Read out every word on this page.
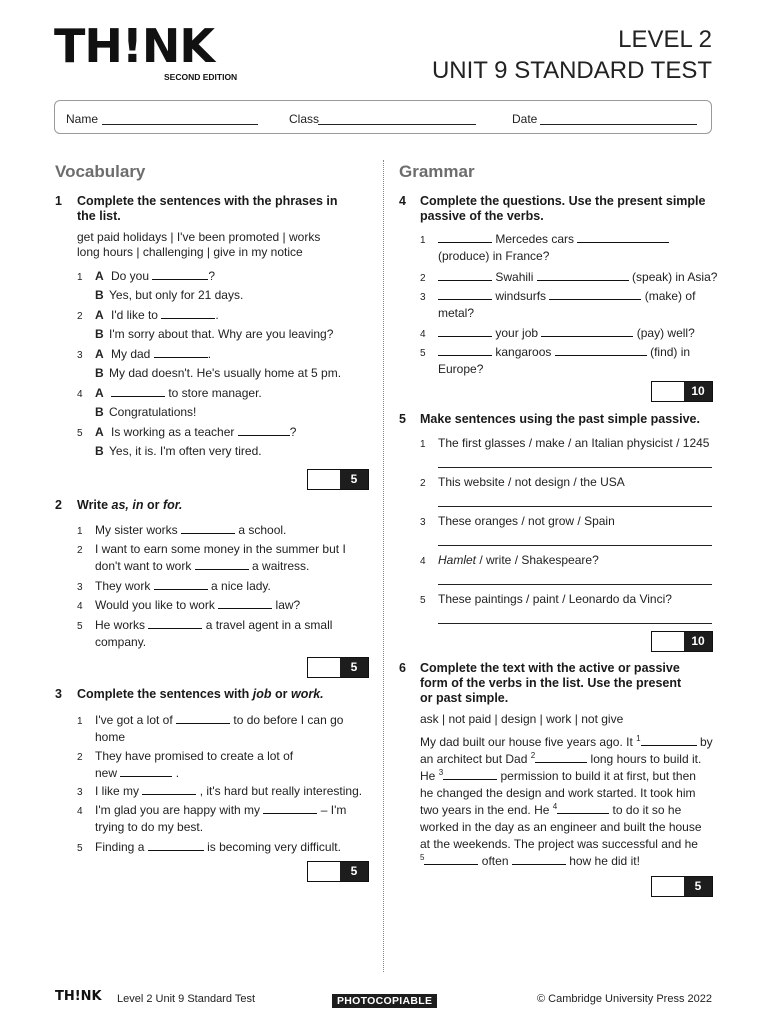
TH!NK
SECOND EDITION
LEVEL 2
UNIT 9 STANDARD TEST
Name	Class	Date
Vocabulary	Grammar
1 Complete the sentences with the phrases in
the list.
get paid holidays | I've been promoted | works
long hours | challenging | give in my notice
1 A Do you	?
B Yes, but only for 21 days.
2 A I'd like to	.
B I'm sorry about that. Why are you leaving?
3 A My dad	.
B My dad doesn't. He's usually home at 5 pm.
4 A	to store manager.
B Congratulations!
5 A Is working as a teacher	?
B Yes, it is. I'm often very tired.
5
2 Write as, in or for.
1 My sister works	a school.
2 I want to earn some money in the summer but I
don't want to work	a waitress.
3 They work	a nice lady.
4 Would you like to work	law?
5 He works	a travel agent in a small
company.
5
3 Complete the sentences with job or work.
1 I've got a lot of	to do before I can go
home
2 They have promised to create a lot of
new	.
3 I like my	, it's hard but really interesting.
4 I'm glad you are happy with my	– I'm
trying to do my best.
5 Finding a	is becoming very difficult.
5
4 Complete the questions. Use the present simple
passive of the verbs.
1	Mercedes cars
(produce) in France?
2	Swahili	(speak) in Asia?
3	windsurfs	(make) of
metal?
4	your job	(pay) well?
5	kangaroos	(find) in
Europe?
10
5 Make sentences using the past simple passive.
1 The first glasses / make / an Italian physicist / 1245
2 This website / not design / the USA
3 These oranges / not grow / Spain
4 Hamlet / write / Shakespeare?
5 These paintings / paint / Leonardo da Vinci?
10
6 Complete the text with the active or passive
form of the verbs in the list. Use the present
or past simple.
ask | not paid | design | work | not give
My dad built our house five years ago. It $^1$	by
an architect but Dad $^2$	long hours to build it.
He $^3$	permission to build it at first, but then
he changed the design and work started. It took him
two years in the end. He $^4$	to do it so he
worked in the day as an engineer and built the house
at the weekends. The project was successful and he
$^5$	often	how he did it!
5
TH!NK Level 2 Unit 9 Standard Test	PHOTOCOPIABLE	© Cambridge University Press 2022
